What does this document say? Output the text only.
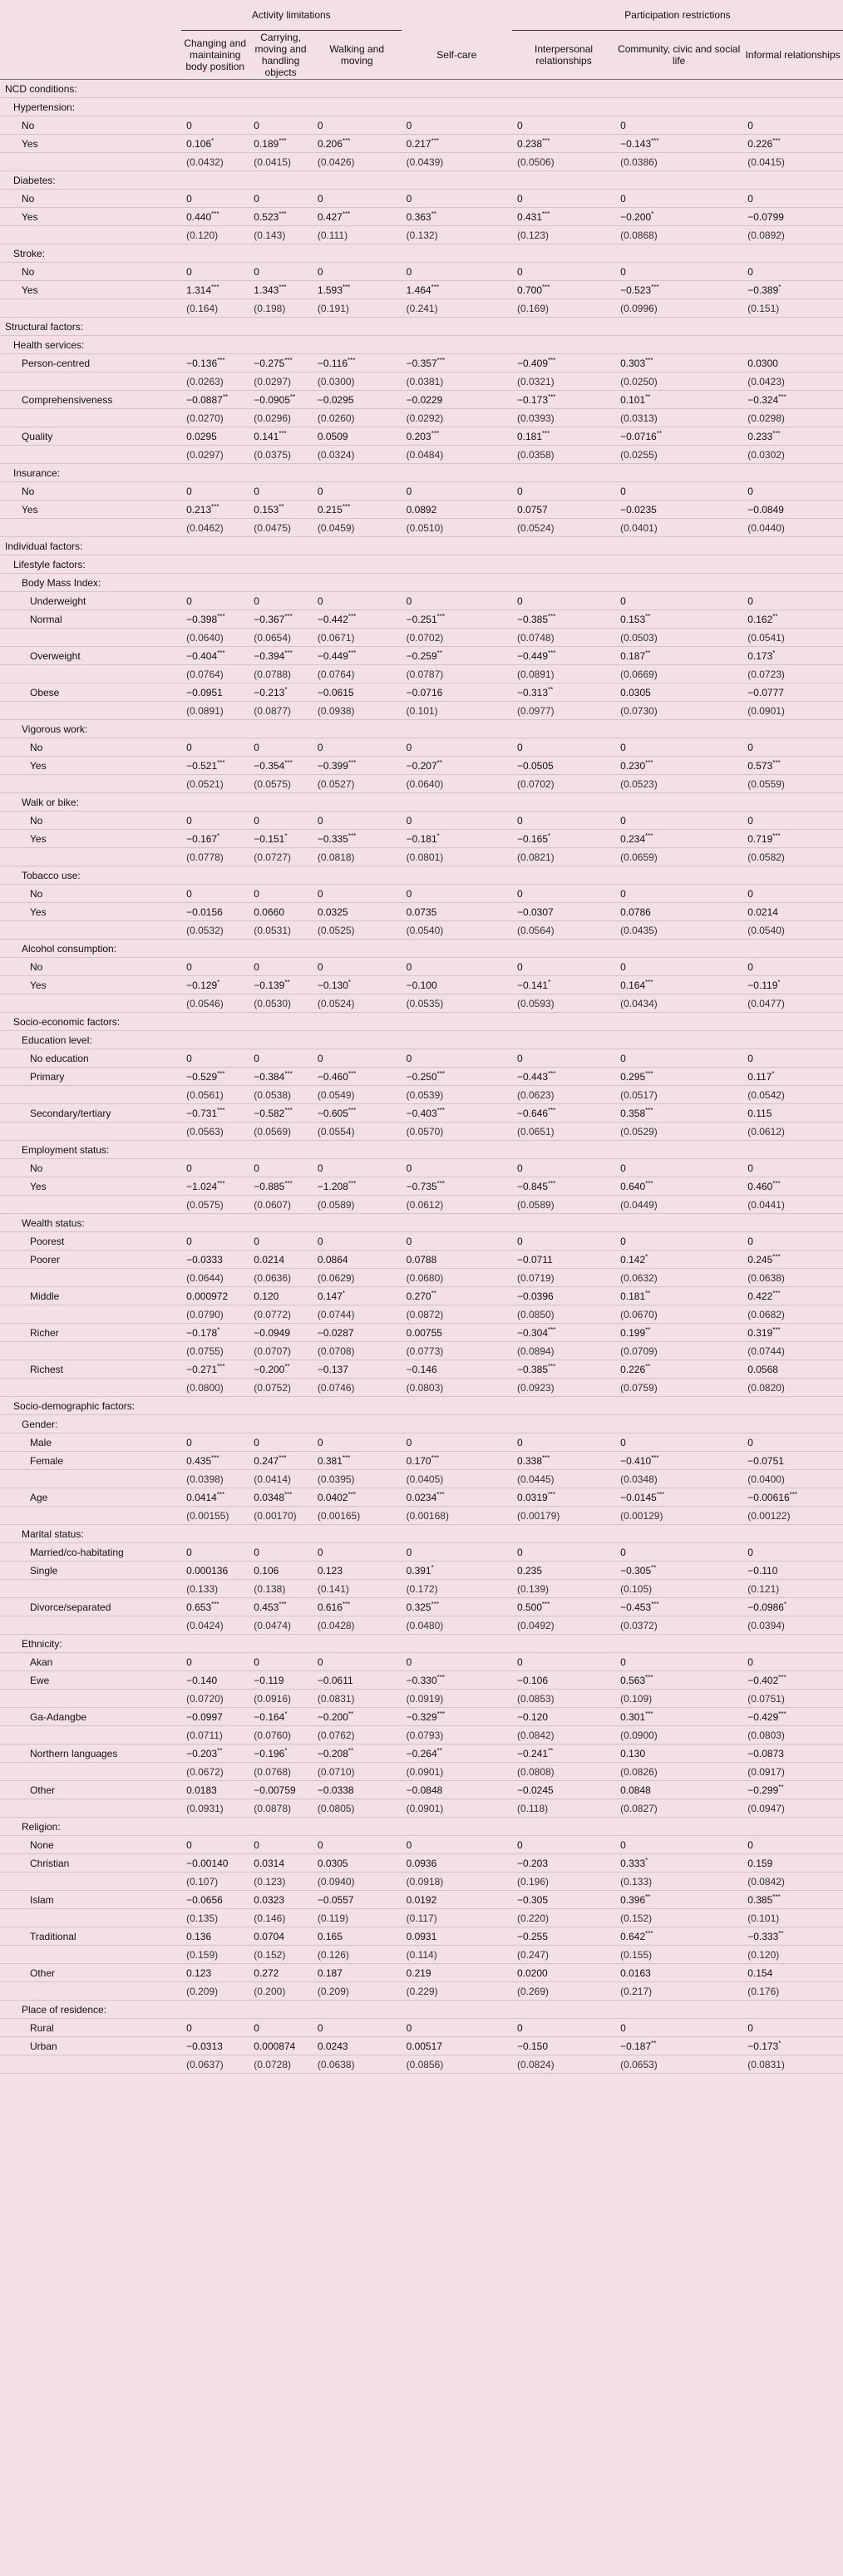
	Activity limitations				Participation restrictions		
	Changing and maintaining body position	Carrying, moving and handling objects	Walking and moving	Self-care	Interpersonal relationships	Community, civic and social life	Informal relationships
NCD conditions:							
Hypertension:							
No	0	0	0	0	0	0	0
Yes	0.106*	0.189***	0.206***	0.217***	0.238***	−0.143***	0.226***
	(0.0432)	(0.0415)	(0.0426)	(0.0439)	(0.0506)	(0.0386)	(0.0415)
Diabetes:							
No	0	0	0	0	0	0	0
Yes	0.440***	0.523***	0.427***	0.363**	0.431***	−0.200*	−0.0799
	(0.120)	(0.143)	(0.111)	(0.132)	(0.123)	(0.0868)	(0.0892)
Stroke:							
No	0	0	0	0	0	0	0
Yes	1.314***	1.343***	1.593***	1.464***	0.700***	−0.523***	−0.389*
	(0.164)	(0.198)	(0.191)	(0.241)	(0.169)	(0.0996)	(0.151)
Structural factors:							
Health services:							
Person-centred	−0.136***	−0.275***	−0.116***	−0.357***	−0.409***	0.303***	0.0300
	(0.0263)	(0.0297)	(0.0300)	(0.0381)	(0.0321)	(0.0250)	(0.0423)
Comprehensiveness	−0.0887**	−0.0905**	−0.0295	−0.0229	−0.173***	0.101**	−0.324***
	(0.0270)	(0.0296)	(0.0260)	(0.0292)	(0.0393)	(0.0313)	(0.0298)
Quality	0.0295	0.141***	0.0509	0.203***	0.181***	−0.0716**	0.233***
	(0.0297)	(0.0375)	(0.0324)	(0.0484)	(0.0358)	(0.0255)	(0.0302)
Insurance:							
No	0	0	0	0	0	0	0
Yes	0.213***	0.153**	0.215***	0.0892	0.0757	−0.0235	−0.0849
	(0.0462)	(0.0475)	(0.0459)	(0.0510)	(0.0524)	(0.0401)	(0.0440)
Individual factors:							
Lifestyle factors:							
Body Mass Index:							
Underweight	0	0	0	0	0	0	0
Normal	−0.398***	−0.367***	−0.442***	−0.251***	−0.385***	0.153**	0.162**
	(0.0640)	(0.0654)	(0.0671)	(0.0702)	(0.0748)	(0.0503)	(0.0541)
Overweight	−0.404***	−0.394***	−0.449***	−0.259**	−0.449***	0.187**	0.173*
	(0.0764)	(0.0788)	(0.0764)	(0.0787)	(0.0891)	(0.0669)	(0.0723)
Obese	−0.0951	−0.213*	−0.0615	−0.0716	−0.313**	0.0305	−0.0777
	(0.0891)	(0.0877)	(0.0938)	(0.101)	(0.0977)	(0.0730)	(0.0901)
Vigorous work:							
No	0	0	0	0	0	0	0
Yes	−0.521***	−0.354***	−0.399***	−0.207**	−0.0505	0.230***	0.573***
	(0.0521)	(0.0575)	(0.0527)	(0.0640)	(0.0702)	(0.0523)	(0.0559)
Walk or bike:							
No	0	0	0	0	0	0	0
Yes	−0.167*	−0.151*	−0.335***	−0.181*	−0.165*	0.234***	0.719***
	(0.0778)	(0.0727)	(0.0818)	(0.0801)	(0.0821)	(0.0659)	(0.0582)
Tobacco use:							
No	0	0	0	0	0	0	0
Yes	−0.0156	0.0660	0.0325	0.0735	−0.0307	0.0786	0.0214
	(0.0532)	(0.0531)	(0.0525)	(0.0540)	(0.0564)	(0.0435)	(0.0540)
Alcohol consumption:							
No	0	0	0	0	0	0	0
Yes	−0.129*	−0.139**	−0.130*	−0.100	−0.141*	0.164***	−0.119*
	(0.0546)	(0.0530)	(0.0524)	(0.0535)	(0.0593)	(0.0434)	(0.0477)
Socio-economic factors:							
Education level:							
No education	0	0	0	0	0	0	0
Primary	−0.529***	−0.384***	−0.460***	−0.250***	−0.443***	0.295***	0.117*
	(0.0561)	(0.0538)	(0.0549)	(0.0539)	(0.0623)	(0.0517)	(0.0542)
Secondary/tertiary	−0.731***	−0.582***	−0.605***	−0.403***	−0.646***	0.358***	0.115
	(0.0563)	(0.0569)	(0.0554)	(0.0570)	(0.0651)	(0.0529)	(0.0612)
Employment status:							
No	0	0	0	0	0	0	0
Yes	−1.024***	−0.885***	−1.208***	−0.735***	−0.845***	0.640***	0.460***
	(0.0575)	(0.0607)	(0.0589)	(0.0612)	(0.0589)	(0.0449)	(0.0441)
Wealth status:							
Poorest	0	0	0	0	0	0	0
Poorer	−0.0333	0.0214	0.0864	0.0788	−0.0711	0.142*	0.245***
	(0.0644)	(0.0636)	(0.0629)	(0.0680)	(0.0719)	(0.0632)	(0.0638)
Middle	0.000972	0.120	0.147*	0.270**	−0.0396	0.181**	0.422***
	(0.0790)	(0.0772)	(0.0744)	(0.0872)	(0.0850)	(0.0670)	(0.0682)
Richer	−0.178*	−0.0949	−0.0287	0.00755	−0.304***	0.199**	0.319***
	(0.0755)	(0.0707)	(0.0708)	(0.0773)	(0.0894)	(0.0709)	(0.0744)
Richest	−0.271***	−0.200**	−0.137	−0.146	−0.385***	0.226**	0.0568
	(0.0800)	(0.0752)	(0.0746)	(0.0803)	(0.0923)	(0.0759)	(0.0820)
Socio-demographic factors:							
Gender:							
Male	0	0	0	0	0	0	0
Female	0.435***	0.247***	0.381***	0.170***	0.338***	−0.410***	−0.0751
	(0.0398)	(0.0414)	(0.0395)	(0.0405)	(0.0445)	(0.0348)	(0.0400)
Age	0.0414***	0.0348***	0.0402***	0.0234***	0.0319***	−0.0145***	−0.00616***
	(0.00155)	(0.00170)	(0.00165)	(0.00168)	(0.00179)	(0.00129)	(0.00122)
Marital status:							
Married/co-habitating	0	0	0	0	0	0	0
Single	0.000136	0.106	0.123	0.391*	0.235	−0.305**	−0.110
	(0.133)	(0.138)	(0.141)	(0.172)	(0.139)	(0.105)	(0.121)
Divorce/separated	0.653***	0.453***	0.616***	0.325***	0.500***	−0.453***	−0.0986*
	(0.0424)	(0.0474)	(0.0428)	(0.0480)	(0.0492)	(0.0372)	(0.0394)
Ethnicity:							
Akan	0	0	0	0	0	0	0
Ewe	−0.140	−0.119	−0.0611	−0.330***	−0.106	0.563***	−0.402***
	(0.0720)	(0.0916)	(0.0831)	(0.0919)	(0.0853)	(0.109)	(0.0751)
Ga-Adangbe	−0.0997	−0.164*	−0.200**	−0.329***	−0.120	0.301***	−0.429***
	(0.0711)	(0.0760)	(0.0762)	(0.0793)	(0.0842)	(0.0900)	(0.0803)
Northern languages	−0.203**	−0.196*	−0.208**	−0.264**	−0.241**	0.130	−0.0873
	(0.0672)	(0.0768)	(0.0710)	(0.0901)	(0.0808)	(0.0826)	(0.0917)
Other	0.0183	−0.00759	−0.0338	−0.0848	−0.0245	0.0848	−0.299**
	(0.0931)	(0.0878)	(0.0805)	(0.0901)	(0.118)	(0.0827)	(0.0947)
Religion:							
None	0	0	0	0	0	0	0
Christian	−0.00140	0.0314	0.0305	0.0936	−0.203	0.333*	0.159
	(0.107)	(0.123)	(0.0940)	(0.0918)	(0.196)	(0.133)	(0.0842)
Islam	−0.0656	0.0323	−0.0557	0.0192	−0.305	0.396**	0.385***
	(0.135)	(0.146)	(0.119)	(0.117)	(0.220)	(0.152)	(0.101)
Traditional	0.136	0.0704	0.165	0.0931	−0.255	0.642***	−0.333**
	(0.159)	(0.152)	(0.126)	(0.114)	(0.247)	(0.155)	(0.120)
Other	0.123	0.272	0.187	0.219	0.0200	0.0163	0.154
	(0.209)	(0.200)	(0.209)	(0.229)	(0.269)	(0.217)	(0.176)
Place of residence:							
Rural	0	0	0	0	0	0	0
Urban	−0.0313	0.000874	0.0243	0.00517	−0.150	−0.187**	−0.173*
	(0.0637)	(0.0728)	(0.0638)	(0.0856)	(0.0824)	(0.0653)	(0.0831)
